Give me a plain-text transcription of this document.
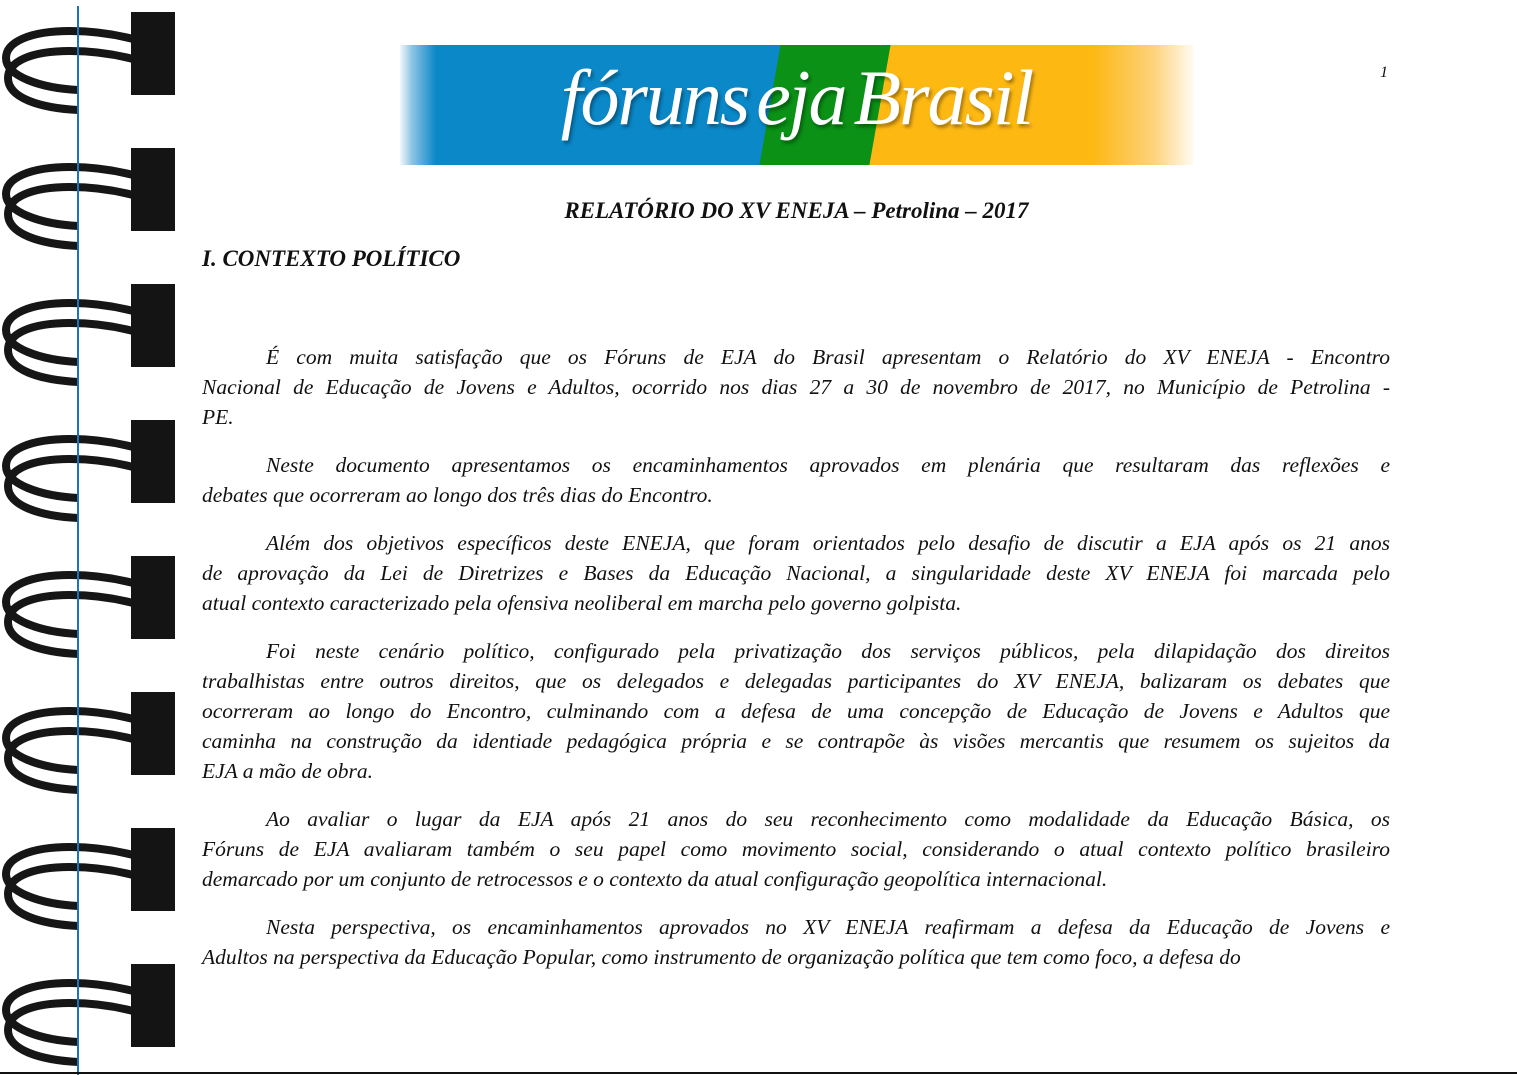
fóruns eja Brasil	1
RELATÓRIO DO XV ENEJA – Petrolina – 2017
I. CONTEXTO POLÍTICO
É com muita satisfação que os Fóruns de EJA do Brasil apresentam o Relatório do XV ENEJA - Encontro
Nacional de Educação de Jovens e Adultos, ocorrido nos dias 27 a 30 de novembro de 2017, no Município de Petrolina -
PE.
Neste documento apresentamos os encaminhamentos aprovados em plenária que resultaram das reflexões e
debates que ocorreram ao longo dos três dias do Encontro.
Além dos objetivos específicos deste ENEJA, que foram orientados pelo desafio de discutir a EJA após os 21 anos
de aprovação da Lei de Diretrizes e Bases da Educação Nacional, a singularidade deste XV ENEJA foi marcada pelo
atual contexto caracterizado pela ofensiva neoliberal em marcha pelo governo golpista.
Foi neste cenário político, configurado pela privatização dos serviços públicos, pela dilapidação dos direitos
trabalhistas entre outros direitos, que os delegados e delegadas participantes do XV ENEJA, balizaram os debates que
ocorreram ao longo do Encontro, culminando com a defesa de uma concepção de Educação de Jovens e Adultos que
caminha na construção da identiade pedagógica própria e se contrapõe às visões mercantis que resumem os sujeitos da
EJA a mão de obra.
Ao avaliar o lugar da EJA após 21 anos do seu reconhecimento como modalidade da Educação Básica, os
Fóruns de EJA avaliaram também o seu papel como movimento social, considerando o atual contexto político brasileiro
demarcado por um conjunto de retrocessos e o contexto da atual configuração geopolítica internacional.
Nesta perspectiva, os encaminhamentos aprovados no XV ENEJA reafirmam a defesa da Educação de Jovens e
Adultos na perspectiva da Educação Popular, como instrumento de organização política que tem como foco, a defesa do
